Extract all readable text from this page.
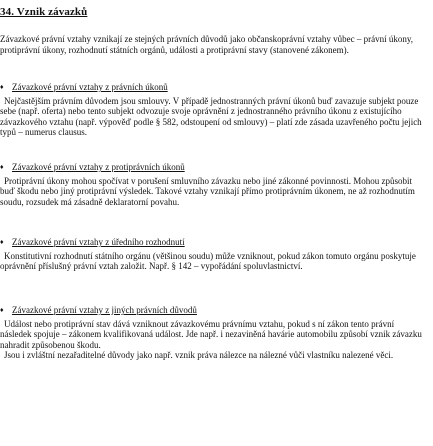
34. Vznik závazků
Závazkové právní vztahy vznikají ze stejných právních důvodů jako občanskoprávní vztahy vůbec – právní úkony, protiprávní úkony, rozhodnutí státních orgánů, události a protiprávní stavy (stanovené zákonem).
♦ Závazkové právní vztahy z právních úkonů
Nejčastějším právním důvodem jsou smlouvy. V případě jednostranných právní úkonů buď zavazuje subjekt pouze sebe (např. oferta) nebo tento subjekt odvozuje svoje oprávnění z jednostranného právního úkonu z existujícího závazkového vztahu (např. výpověď podle § 582, odstoupení od smlouvy) – platí zde zásada uzavřeného počtu jejich typů – numerus clausus.
♦ Závazkové právní vztahy z protiprávních úkonů
Protiprávní úkony mohou spočívat v porušení smluvního závazku nebo jiné zákonné povinnosti. Mohou způsobit buď škodu nebo jiný protiprávní výsledek. Takové vztahy vznikají přímo protiprávním úkonem, ne až rozhodnutím soudu, rozsudek má zásadně deklaratorní povahu.
♦ Závazkové právní vztahy z úředního rozhodnutí
Konstitutivní rozhodnutí státního orgánu (většinou soudu) může vzniknout, pokud zákon tomuto orgánu poskytuje oprávnění příslušný právní vztah založit. Např. § 142 – vypořádání spoluvlastnictví.
♦ Závazkové právní vztahy z jiných právních důvodů
Událost nebo protiprávní stav dává vzniknout závazkovému právnímu vztahu, pokud s ní zákon tento právní následek spojuje – zákonem kvalifikovaná událost. Jde např. i nezaviněná havárie automobilu způsobí vznik závazku nahradit způsobenou škodu.
Jsou i zvláštní nezařaditelné důvody jako např. vznik práva nálezce na nálezné vůči vlastníku nalezené věci.
